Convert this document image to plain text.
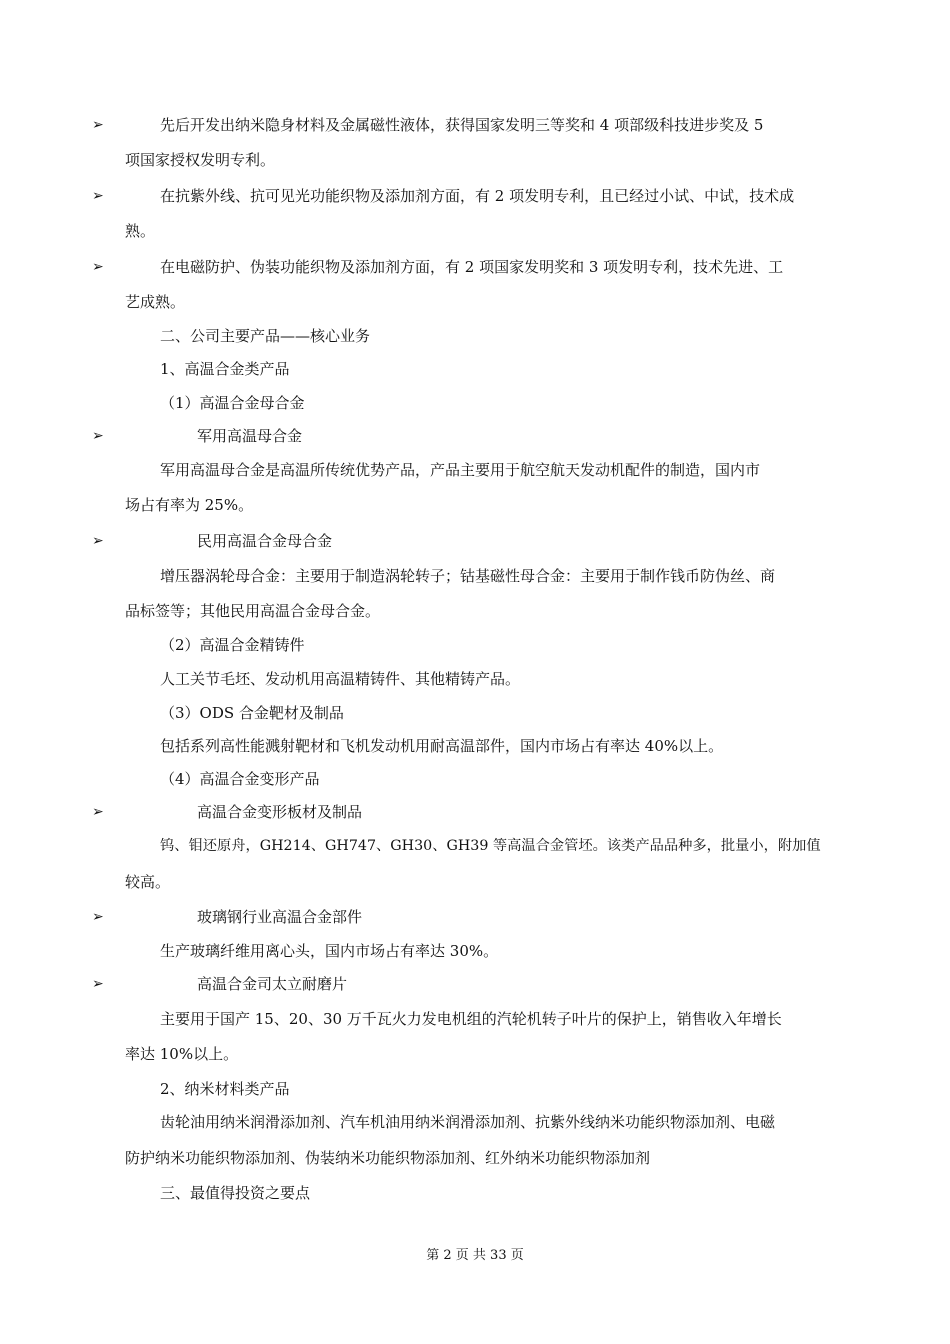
➢	先后开发出纳米隐身材料及金属磁性液体，获得国家发明三等奖和 4 项部级科技进步奖及 5
项国家授权发明专利。
➢	在抗紫外线、抗可见光功能织物及添加剂方面，有 2 项发明专利，且已经过小试、中试，技术成
熟。
➢	在电磁防护、伪装功能织物及添加剂方面，有 2 项国家发明奖和 3 项发明专利，技术先进、工
艺成熟。
二、公司主要产品——核心业务
1、高温合金类产品
（1）高温合金母合金
➢	军用高温母合金
军用高温母合金是高温所传统优势产品，产品主要用于航空航天发动机配件的制造，国内市
场占有率为 25%。
➢	民用高温合金母合金
增压器涡轮母合金：主要用于制造涡轮转子；钴基磁性母合金：主要用于制作钱币防伪丝、商
品标签等；其他民用高温合金母合金。
（2）高温合金精铸件
人工关节毛坯、发动机用高温精铸件、其他精铸产品。
（3）ODS 合金靶材及制品
包括系列高性能溅射靶材和飞机发动机用耐高温部件，国内市场占有率达 40%以上。
（4）高温合金变形产品
➢	高温合金变形板材及制品
钨、钼还原舟，GH214、GH747、GH30、GH39 等高温合金管坯。该类产品品种多，批量小，附加值
较高。
➢	玻璃钢行业高温合金部件
生产玻璃纤维用离心头，国内市场占有率达 30%。
➢	高温合金司太立耐磨片
主要用于国产 15、20、30 万千瓦火力发电机组的汽轮机转子叶片的保护上，销售收入年增长
率达 10%以上。
2、纳米材料类产品
齿轮油用纳米润滑添加剂、汽车机油用纳米润滑添加剂、抗紫外线纳米功能织物添加剂、电磁
防护纳米功能织物添加剂、伪装纳米功能织物添加剂、红外纳米功能织物添加剂
三、最值得投资之要点
第 2 页 共 33 页
